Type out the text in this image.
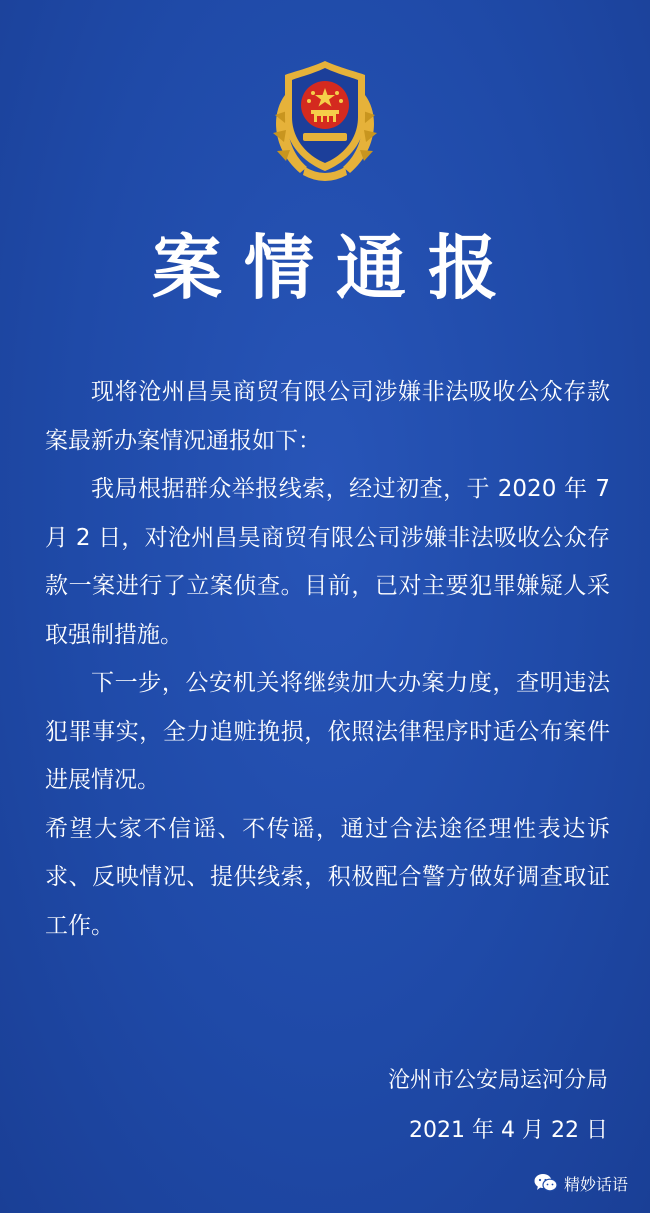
案情通报

现将沧州昌昊商贸有限公司涉嫌非法吸收公众存款案最新办案情况通报如下：

我局根据群众举报线索，经过初查，于 2020 年 7 月 2 日，对沧州昌昊商贸有限公司涉嫌非法吸收公众存款一案进行了立案侦查。目前，已对主要犯罪嫌疑人采取强制措施。

下一步，公安机关将继续加大办案力度，查明违法犯罪事实，全力追赃挽损，依照法律程序时适公布案件进展情况。

希望大家不信谣、不传谣，通过合法途径理性表达诉求、反映情况、提供线索，积极配合警方做好调查取证工作。

沧州市公安局运河分局
2021 年 4 月 22 日
精妙话语
